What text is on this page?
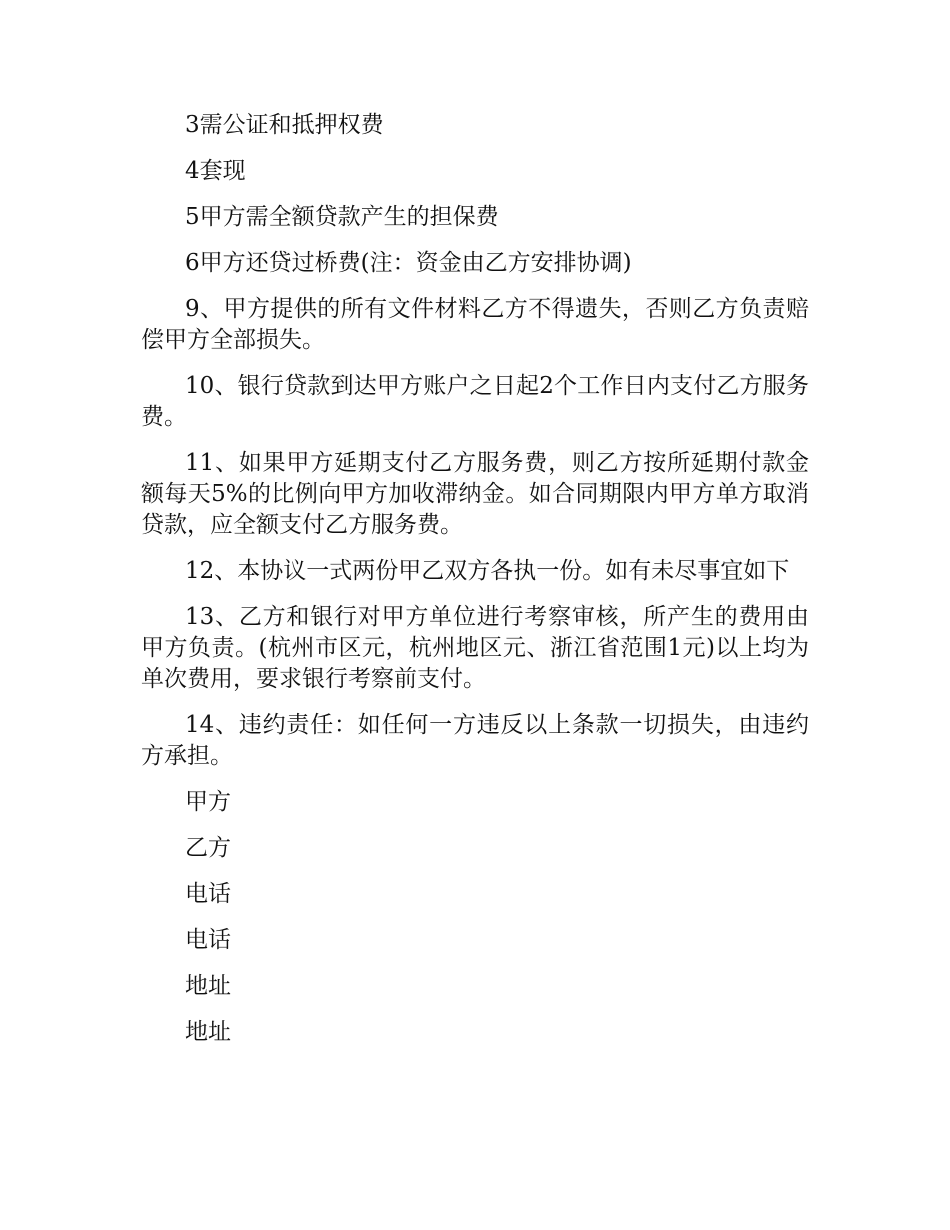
3需公证和抵押权费

4套现

5甲方需全额贷款产生的担保费

6甲方还贷过桥费(注：资金由乙方安排协调)

9、甲方提供的所有文件材料乙方不得遗失，否则乙方负责赔偿甲方全部损失。

10、银行贷款到达甲方账户之日起2个工作日内支付乙方服务费。

11、如果甲方延期支付乙方服务费，则乙方按所延期付款金额每天5%的比例向甲方加收滞纳金。如合同期限内甲方单方取消贷款，应全额支付乙方服务费。

12、本协议一式两份甲乙双方各执一份。如有未尽事宜如下

13、乙方和银行对甲方单位进行考察审核，所产生的费用由甲方负责。(杭州市区元，杭州地区元、浙江省范围1元)以上均为单次费用，要求银行考察前支付。

14、违约责任：如任何一方违反以上条款一切损失，由违约方承担。

甲方

乙方

电话

电话

地址

地址
